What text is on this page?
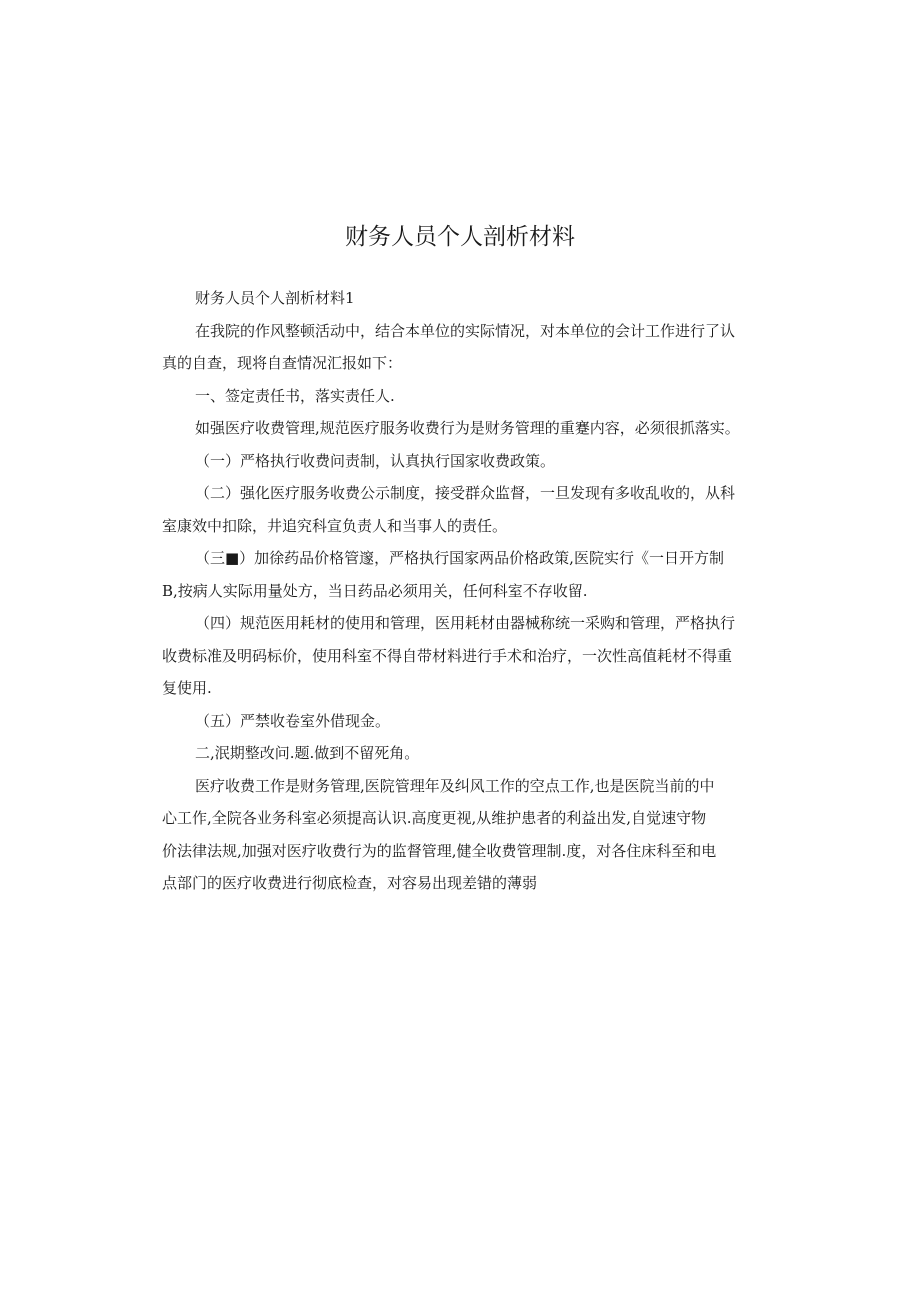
财务人员个人剖析材料

财务人员个人剖析材料1

在我院的作风整顿活动中，结合本单位的实际情况，对本单位的会计工作进行了认

真的自查，现将自查情况汇报如下：

一、签定责任书，落实责任人.

如强医疗收费管理,规范医疗服务收费行为是财务管理的重蹇内容，必须很抓落实。

（一）严格执行收费问责制，认真执行国家收费政策。

（二）强化医疗服务收费公示制度，接受群众监督，一旦发现有多收乱收的，从科

室康效中扣除，井追究科宣负责人和当事人的责任。

（三■）加徐药品价格管邃，严格执行国家两品价格政策,医院实行《一日开方制

B,按病人实际用量处方，当日药品必须用关，任何科室不存收留.

（四）规范医用耗材的使用和管理，医用耗材由器械称统一采购和管理，严格执行

收费标准及明码标价，使用科室不得自带材料进行手术和治疗，一次性高值耗材不得重

复使用.

（五）严禁收卷室外借现金。

二,泯期整改问.题.做到不留死角。

医疗收费工作是财务管理,医院管理年及纠风工作的空点工作,也是医院当前的中

心工作,全院各业务科室必须提高认识.高度更视,从维护患者的利益出发,自觉速守物

价法律法规,加强对医疗收费行为的监督管理,健全收费管理制.度，对各住床科至和电

点部门的医疗收费进行彻底检查，对容易出现差错的薄弱
